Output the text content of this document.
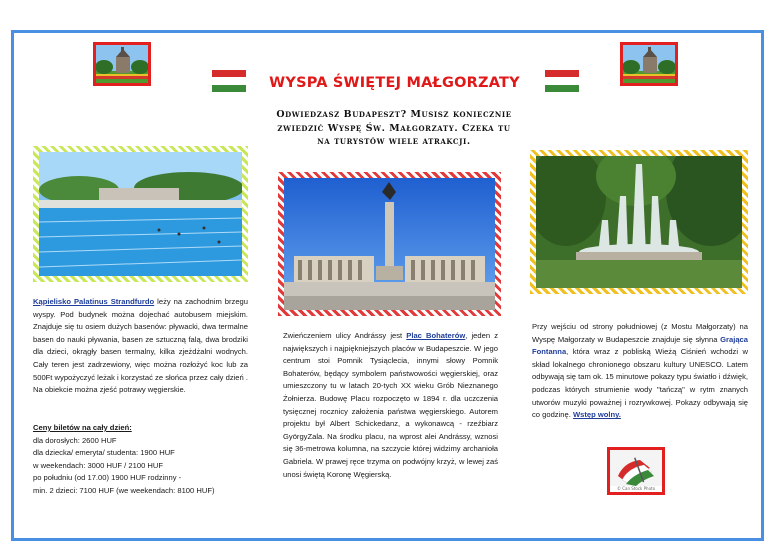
WYSPA ŚWIĘTEJ MAŁGORZATY
Odwiedzasz Budapeszt? Musisz koniecznie zwiedzić Wyspę Św. Małgorzaty. Czeka tu na turystów wiele atrakcji.
Kąpielisko Palatinus Strandfurdo leży na zachodnim brzegu wyspy. Pod budynek można dojechać autobusem miejskim. Znajduje się tu osiem dużych basenów: pływacki, dwa termalne basen do nauki pływania, basen ze sztuczną falą, dwa brodziki dla dzieci, okrągły basen termalny, kilka zjeżdżalni wodnych. Cały teren jest zadrzewiony, więc można rozłożyć koc lub za 500Ft wypożyczyć leżak i korzystać ze słońca przez cały dzień . Na obiekcie można zjeść potrawy węgierskie.
Ceny biletów na cały dzień:
dla dorosłych: 2600 HUF
dla dziecka/ emeryta/ studenta: 1900 HUF
w weekendach: 3000 HUF / 2100 HUF
po południu (od 17.00) 1900 HUF rodzinny -
min. 2 dzieci: 7100 HUF (we weekendach: 8100 HUF)
Zwieńczeniem ulicy Andrássy jest Plac Bohaterów, jeden z największych i najpiękniejszych placów w Budapeszcie. W jego centrum stoi Pomnik Tysiąclecia, innymi słowy Pomnik Bohaterów, będący symbolem państwowości węgierskiej, oraz umieszczony tu w latach 20-tych XX wieku Grób Nieznanego Żołnierza. Budowę Placu rozpoczęto w 1894 r. dla uczczenia tysięcznej rocznicy założenia państwa węgierskiego. Autorem projektu był Albert Schickedanz, a wykonawcą - rzeźbiarz GyörgyZala. Na środku placu, na wprost alei Andrássy, wznosi się 36-metrowa kolumna, na szczycie której widzimy archanioła Gabriela. W prawej ręce trzyma on podwójny krzyż, w lewej zaś unosi świętą Koronę Węgierską.
Przy wejściu od strony południowej (z Mostu Małgorzaty) na Wyspę Małgorzaty w Budapeszcie znajduje się słynna Grająca Fontanna, która wraz z pobliską Wieżą Ciśnień wchodzi w skład lokalnego chronionego obszaru kultury UNESCO. Latem odbywają się tam ok. 15 minutowe pokazy typu światło i dźwięk, podczas których strumienie wody "tańczą" w rytm znanych utworów muzyki poważnej i rozrywkowej. Pokazy odbywają się co godzinę. Wstęp wolny.
© Can Stock Photo
